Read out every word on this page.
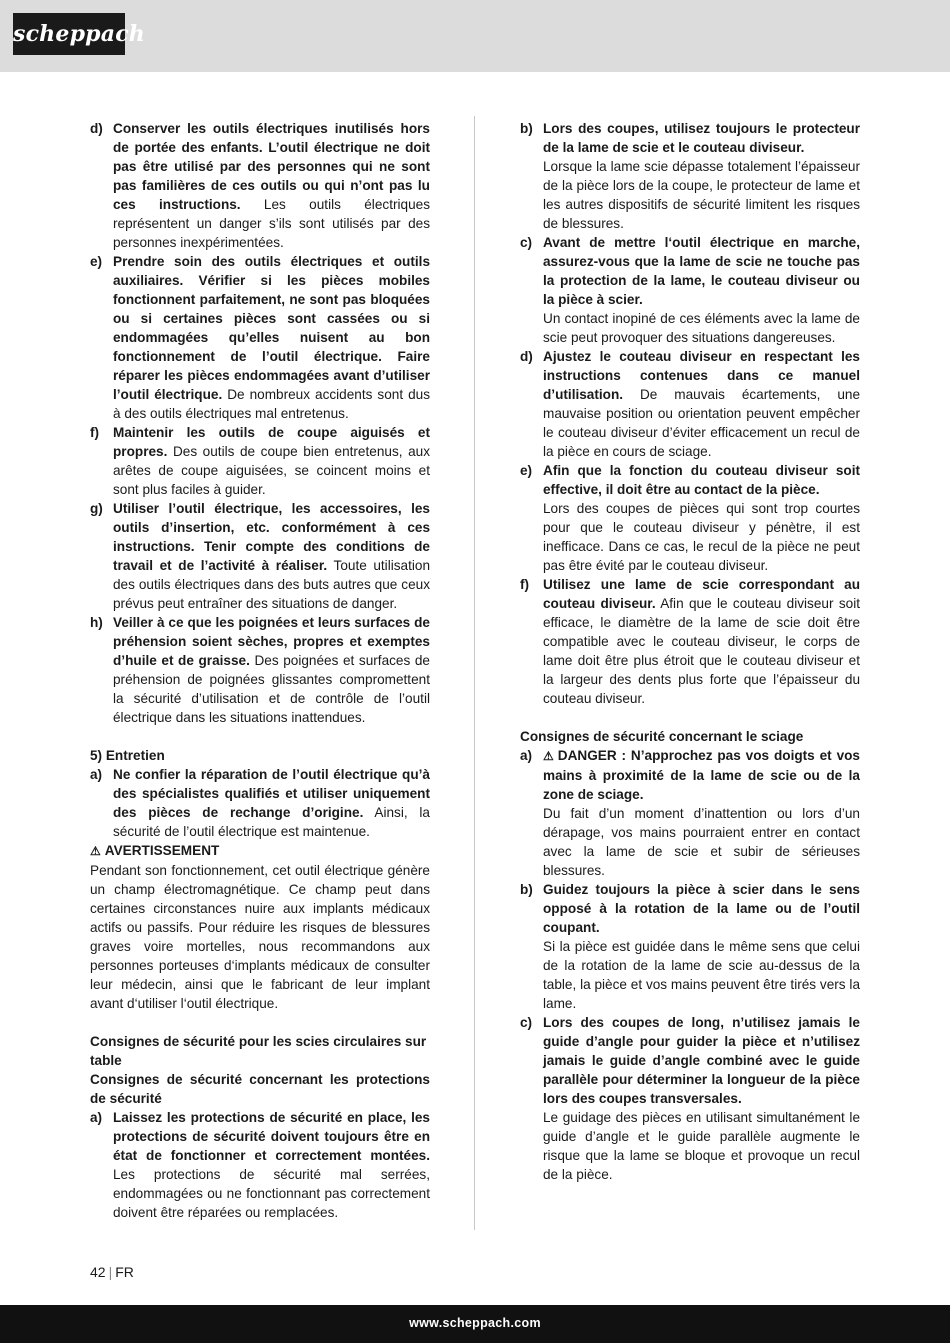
scheppach
d) Conserver les outils électriques inutilisés hors de portée des enfants. L’outil électrique ne doit pas être utilisé par des personnes qui ne sont pas familières de ces outils ou qui n’ont pas lu ces instructions. Les outils électriques représentent un danger s’ils sont utilisés par des personnes inexpérimentées.
e) Prendre soin des outils électriques et outils auxiliaires. Vérifier si les pièces mobiles fonctionnent parfaitement, ne sont pas bloquées ou si certaines pièces sont cassées ou si endommagées qu’elles nuisent au bon fonctionnement de l’outil électrique. Faire réparer les pièces endommagées avant d’utiliser l’outil électrique. De nombreux accidents sont dus à des outils électriques mal entretenus.
f)	Maintenir les outils de coupe aiguisés et propres. Des outils de coupe bien entretenus, aux arêtes de coupe aiguisées, se coincent moins et sont plus faciles à guider.
g) Utiliser l’outil électrique, les accessoires, les outils d’insertion, etc. conformément à ces instructions. Tenir compte des conditions de travail et de l’activité à réaliser. Toute utilisation des outils électriques dans des buts autres que ceux prévus peut entraîner des situations de danger.
h) Veiller à ce que les poignées et leurs surfaces de préhension soient sèches, propres et exemptes d’huile et de graisse. Des poignées et surfaces de préhension de poignées glissantes compromettent la sécurité d’utilisation et de contrôle de l’outil électrique dans les situations inattendues.
5) Entretien
a) Ne confier la réparation de l’outil électrique qu’à des spécialistes qualifiés et utiliser uniquement des pièces de rechange d’origine. Ainsi, la sécurité de l’outil électrique est maintenue.
⚠ AVERTISSEMENT
Pendant son fonctionnement, cet outil électrique génère un champ électromagnétique. Ce champ peut dans certaines circonstances nuire aux implants médicaux actifs ou passifs. Pour réduire les risques de blessures graves voire mortelles, nous recommandons aux personnes porteuses d‘implants médicaux de consulter leur médecin, ainsi que le fabricant de leur implant avant d‘utiliser l‘outil électrique.
Consignes de sécurité pour les scies circulaires sur table
Consignes de sécurité concernant les protections de sécurité
a) Laissez les protections de sécurité en place, les protections de sécurité doivent toujours être en état de fonctionner et correctement montées. Les protections de sécurité mal serrées, endommagées ou ne fonctionnant pas correctement doivent être réparées ou remplacées.
b) Lors des coupes, utilisez toujours le protecteur de la lame de scie et le couteau diviseur.
Lorsque la lame scie dépasse totalement l’épaisseur de la pièce lors de la coupe, le protecteur de lame et les autres dispositifs de sécurité limitent les risques de blessures.
c) Avant de mettre l‘outil électrique en marche, assurez-vous que la lame de scie ne touche pas la protection de la lame, le couteau diviseur ou la pièce à scier.
Un contact inopiné de ces éléments avec la lame de scie peut provoquer des situations dangereuses.
d) Ajustez le couteau diviseur en respectant les instructions contenues dans ce manuel d’utilisation. De mauvais écartements, une mauvaise position ou orientation peuvent empêcher le couteau diviseur d’éviter efficacement un recul de la pièce en cours de sciage.
e) Afin que la fonction du couteau diviseur soit effective, il doit être au contact de la pièce.
Lors des coupes de pièces qui sont trop courtes pour que le couteau diviseur y pénètre, il est inefficace. Dans ce cas, le recul de la pièce ne peut pas être évité par le couteau diviseur.
f)	Utilisez une lame de scie correspondant au couteau diviseur. Afin que le couteau diviseur soit efficace, le diamètre de la lame de scie doit être compatible avec le couteau diviseur, le corps de lame doit être plus étroit que le couteau diviseur et la largeur des dents plus forte que l’épaisseur du couteau diviseur.
Consignes de sécurité concernant le sciage
a) ⚠ DANGER : N’approchez pas vos doigts et vos mains à proximité de la lame de scie ou de la zone de sciage.
Du fait d’un moment d’inattention ou lors d’un dérapage, vos mains pourraient entrer en contact avec la lame de scie et subir de sérieuses blessures.
b) Guidez toujours la pièce à scier dans le sens opposé à la rotation de la lame ou de l’outil coupant.
Si la pièce est guidée dans le même sens que celui de la rotation de la lame de scie au-dessus de la table, la pièce et vos mains peuvent être tirés vers la lame.
c) Lors des coupes de long, n’utilisez jamais le guide d’angle pour guider la pièce et n’utilisez jamais le guide d’angle combiné avec le guide parallèle pour déterminer la longueur de la pièce lors des coupes transversales.
Le guidage des pièces en utilisant simultanément le guide d’angle et le guide parallèle augmente le risque que la lame se bloque et provoque un recul de la pièce.
42 | FR
www.scheppach.com
